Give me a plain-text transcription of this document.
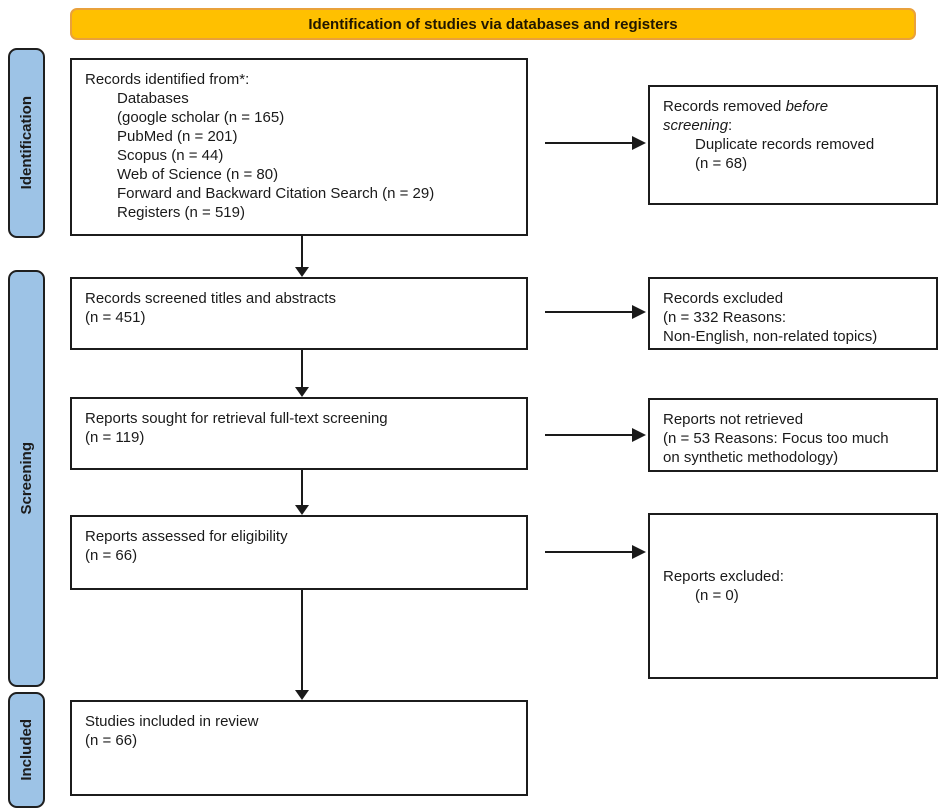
Identification of studies via databases and registers
Identification
Screening
Included
Records identified from*:
Databases
(google scholar (n = 165)
PubMed (n = 201)
Scopus (n = 44)
Web of Science (n = 80)
Forward and Backward Citation Search (n = 29)
Registers (n = 519)
Records screened titles and abstracts
(n = 451)
Reports sought for retrieval full-text screening
(n = 119)
Reports assessed for eligibility
(n = 66)
Studies included in review
(n = 66)
Records removed before
screening:
Duplicate records removed
(n = 68)
Records excluded
(n = 332 Reasons:
Non-English, non-related topics)
Reports not retrieved
(n = 53 Reasons: Focus too much
on synthetic methodology)
Reports excluded:
(n = 0)
